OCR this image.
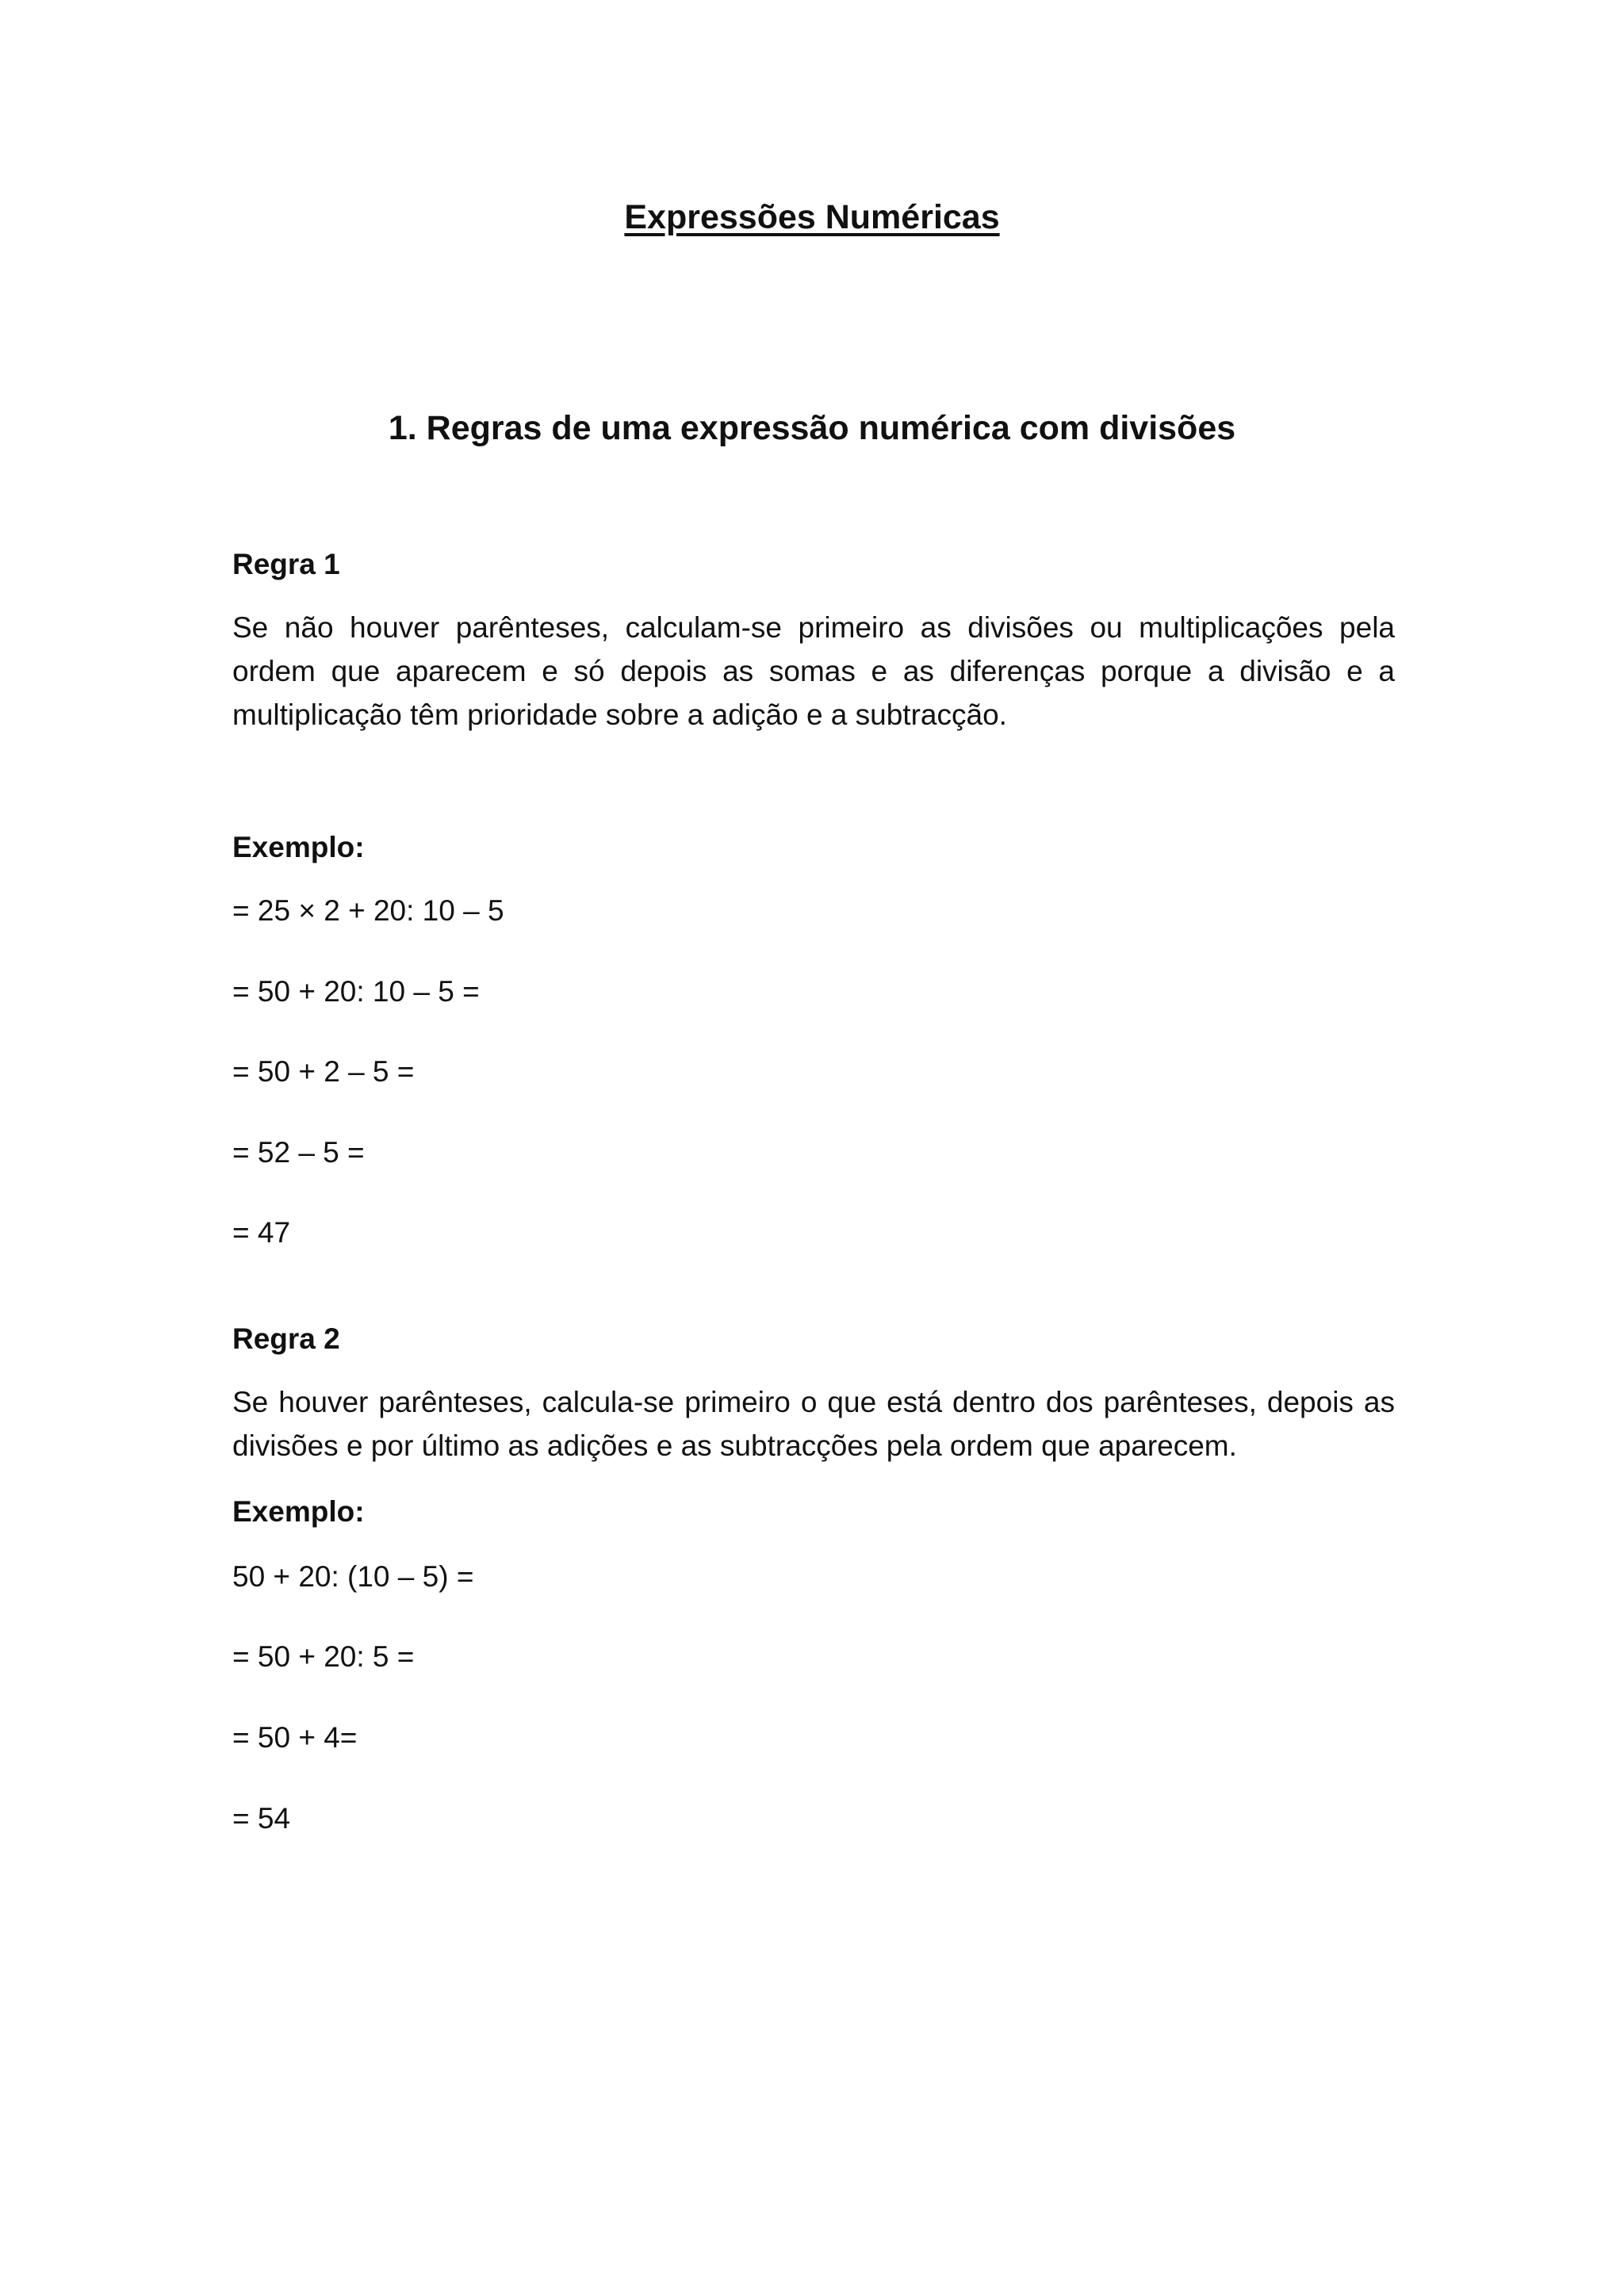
Expressões Numéricas
1. Regras de uma expressão numérica com divisões
Regra 1

Se não houver parênteses, calculam-se primeiro as divisões ou multiplicações pela ordem que aparecem e só depois as somas e as diferenças porque a divisão e a multiplicação têm prioridade sobre a adição e a subtracção.

Exemplo:
= 25 × 2 + 20: 10 – 5
= 50 + 20: 10 – 5 =
= 50 + 2 – 5 =
= 52 – 5 =
= 47
Regra 2

Se houver parênteses, calcula-se primeiro o que está dentro dos parênteses, depois as divisões e por último as adições e as subtracções pela ordem que aparecem.

Exemplo:
50 + 20: (10 – 5) =
= 50 + 20: 5 =
= 50 + 4=
= 54
